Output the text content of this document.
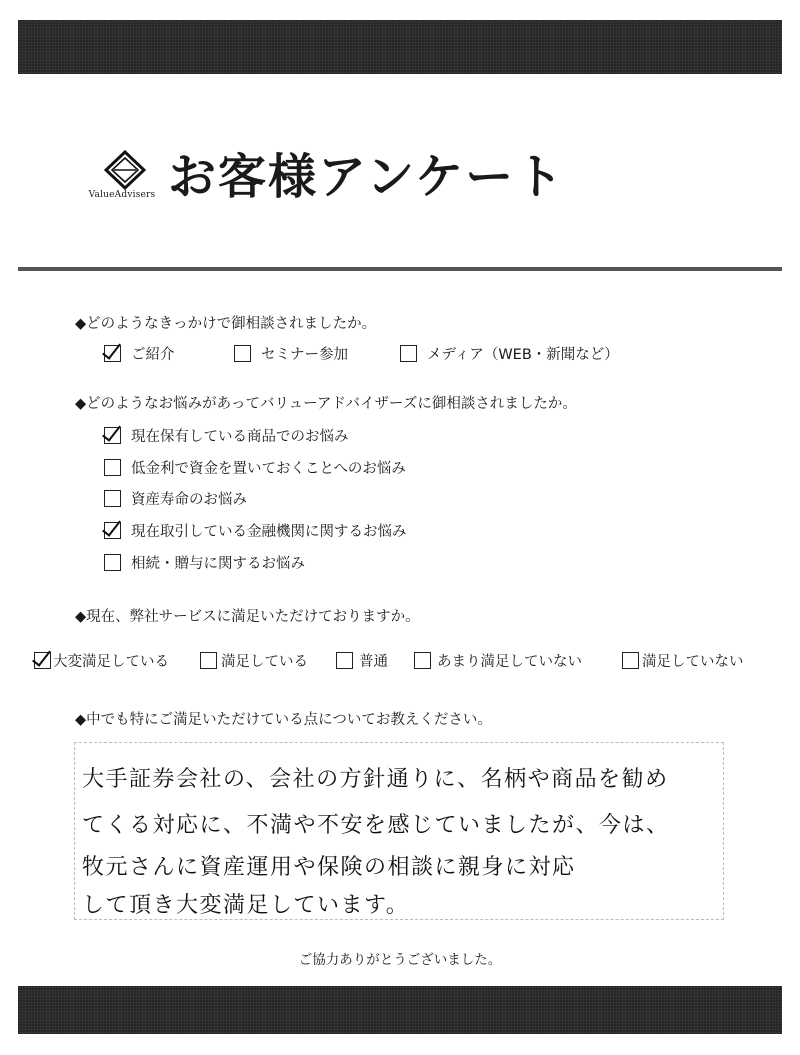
ValueAdvisers お客様アンケート
◆どのようなきっかけで御相談されましたか。
ご紹介	セミナー参加	メディア（WEB・新聞など）
◆どのようなお悩みがあってバリューアドバイザーズに御相談されましたか。
現在保有している商品でのお悩み
低金利で資金を置いておくことへのお悩み
資産寿命のお悩み
現在取引している金融機関に関するお悩み
相続・贈与に関するお悩み
◆現在、弊社サービスに満足いただけておりますか。
大変満足している	満足している	普通	あまり満足していない	満足していない
◆中でも特にご満足いただけている点についてお教えください。
大手証券会社の、会社の方針通りに、名柄や商品を勧め
てくる対応に、不満や不安を感じていましたが、今は、
牧元さんに資産運用や保険の相談に親身に対応
して頂き大変満足しています。
ご協力ありがとうございました。
